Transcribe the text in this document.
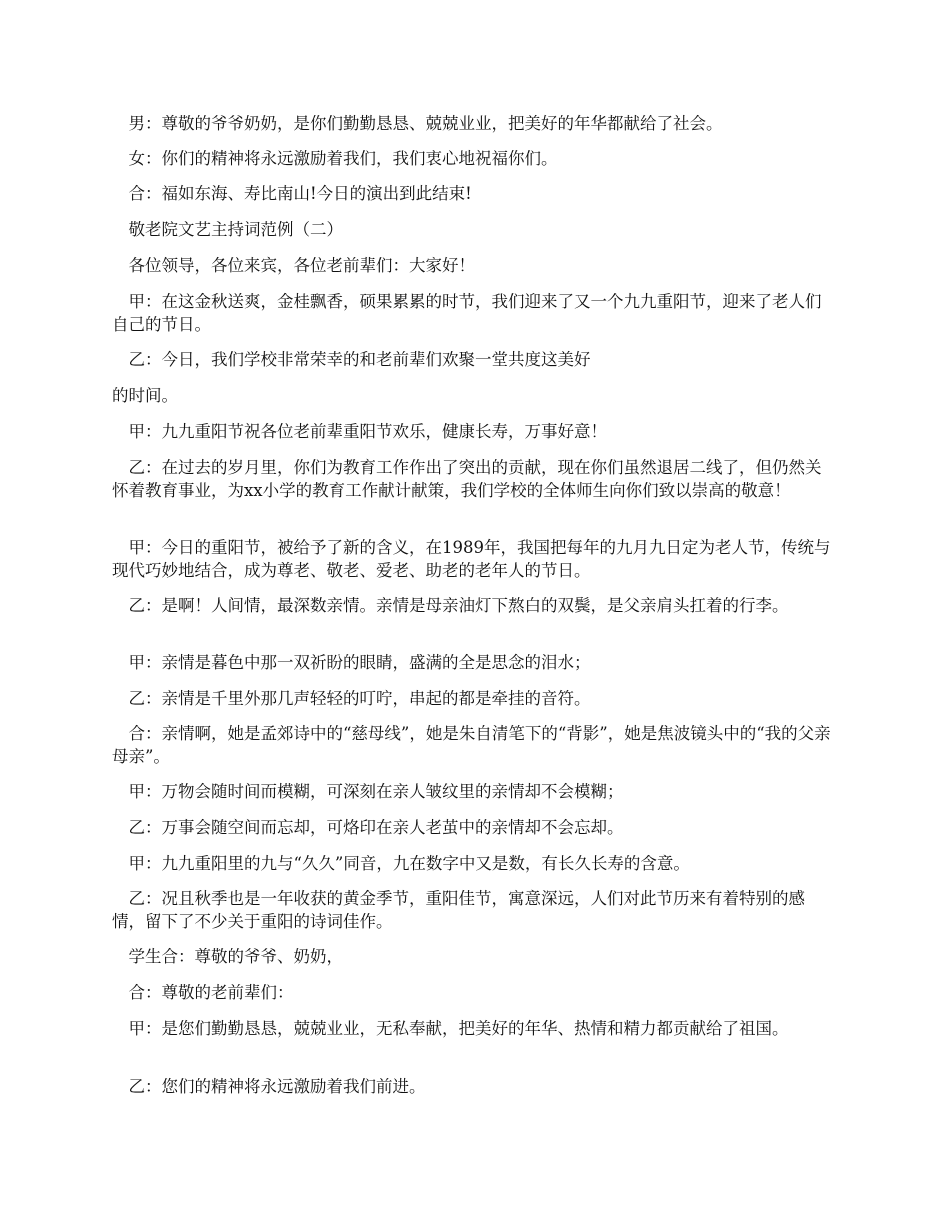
　男：尊敬的爷爷奶奶，是你们勤勤恳恳、兢兢业业，把美好的年华都献给了社会。

　女：你们的精神将永远激励着我们，我们衷心地祝福你们。

　合：福如东海、寿比南山!今日的演出到此结束!

　敬老院文艺主持词范例（二）

　各位领导，各位来宾，各位老前辈们：大家好！

　甲：在这金秋送爽，金桂飘香，硕果累累的时节，我们迎来了又一个九九重阳节，迎来了老人们自己的节日。

　乙：今日，我们学校非常荣幸的和老前辈们欢聚一堂共度这美好

的时间。

　甲：九九重阳节祝各位老前辈重阳节欢乐，健康长寿，万事好意！

　乙：在过去的岁月里，你们为教育工作作出了突出的贡献，现在你们虽然退居二线了，但仍然关怀着教育事业，为xx小学的教育工作献计献策，我们学校的全体师生向你们致以崇高的敬意！

　甲：今日的重阳节，被给予了新的含义，在1989年，我国把每年的九月九日定为老人节，传统与现代巧妙地结合，成为尊老、敬老、爱老、助老的老年人的节日。

　乙：是啊！人间情，最深数亲情。亲情是母亲油灯下熬白的双鬓，是父亲肩头扛着的行李。

　甲：亲情是暮色中那一双祈盼的眼睛，盛满的全是思念的泪水；

　乙：亲情是千里外那几声轻轻的叮咛，串起的都是牵挂的音符。

　合：亲情啊，她是孟郊诗中的“慈母线”，她是朱自清笔下的“背影”，她是焦波镜头中的“我的父亲母亲”。

　甲：万物会随时间而模糊，可深刻在亲人皱纹里的亲情却不会模糊；

　乙：万事会随空间而忘却，可烙印在亲人老茧中的亲情却不会忘却。

　甲：九九重阳里的九与“久久”同音，九在数字中又是数，有长久长寿的含意。

　乙：况且秋季也是一年收获的黄金季节，重阳佳节，寓意深远，人们对此节历来有着特别的感情，留下了不少关于重阳的诗词佳作。

　学生合：尊敬的爷爷、奶奶，

　合：尊敬的老前辈们：

　甲：是您们勤勤恳恳，兢兢业业，无私奉献，把美好的年华、热情和精力都贡献给了祖国。

　乙：您们的精神将永远激励着我们前进。
